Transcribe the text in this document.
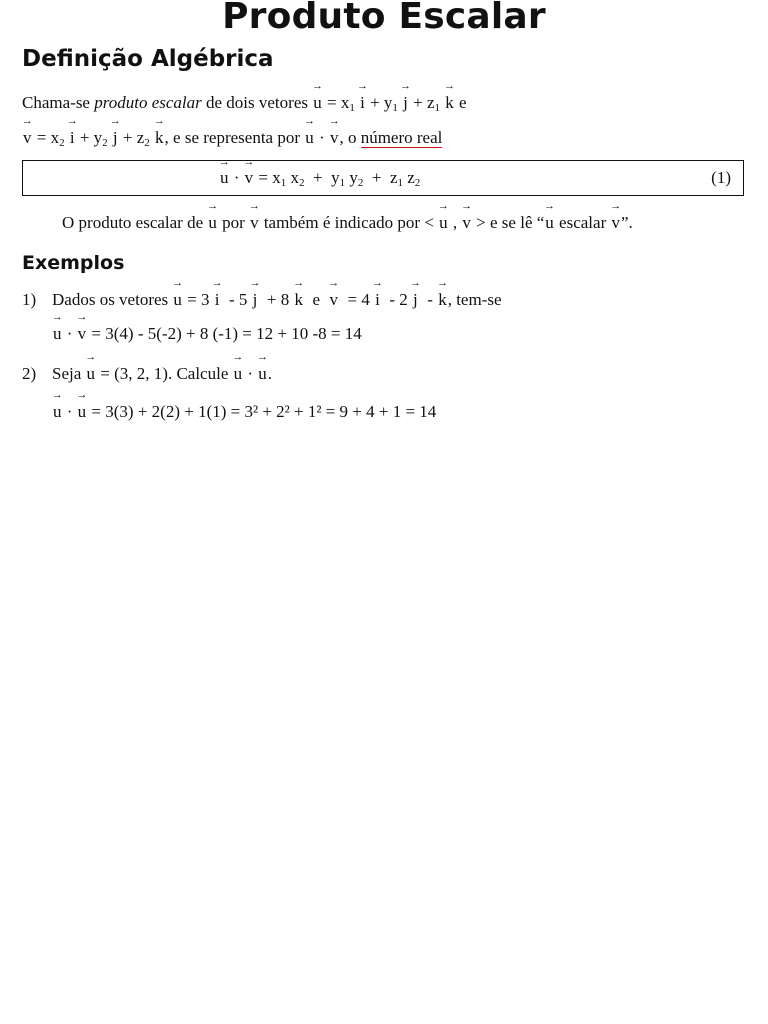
Produto Escalar
Definição Algébrica
Chama-se produto escalar de dois vetores → $u = x_1 \to i + y_1 \to j + z_1 \to k$ e
→ $v = x_2 \to i + y_2 \to j + z_2 \to k$, e se representa por → u · → v, o número real
→ u · → $v = x_1$ $x_2 + y_1$ $y_2 + z_1$ $z_2$	(1)
O produto escalar de → u por → v também é indicado por < → u , → v > e se lê “→ u escalar → v”.
Exemplos
1) Dados os vetores → u = 3 → i  - 5 → j  + 8 → k  e  → v  = 4 → i  - 2 → j  - → k, tem-se
→ u · → v = 3(4) - 5(-2) + 8 (-1) = 12 + 10 -8 = 14
2) Seja → u = (3, 2, 1). Calcule → u · → u.
→ u · → u = 3(3) + 2(2) + 1(1) = 3² + 2² + 1² = 9 + 4 + 1 = 14
